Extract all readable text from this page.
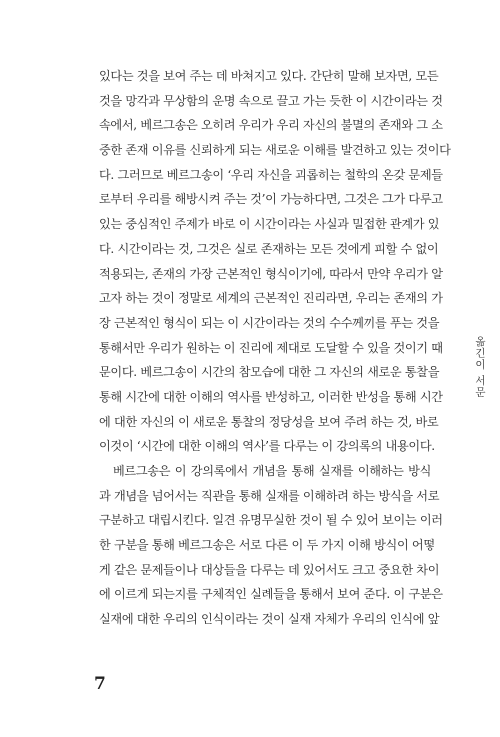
있다는 것을 보여 주는 데 바쳐지고 있다. 간단히 말해 보자면, 모든
것을 망각과 무상함의 운명 속으로 끌고 가는 듯한 이 시간이라는 것
속에서, 베르그송은 오히려 우리가 우리 자신의 불멸의 존재와 그 소
중한 존재 이유를 신뢰하게 되는 새로운 이해를 발견하고 있는 것이다
다. 그러므로 베르그송이 ‘우리 자신을 괴롭히는 철학의 온갖 문제들
로부터 우리를 해방시켜 주는 것’이 가능하다면, 그것은 그가 다루고
있는 중심적인 주제가 바로 이 시간이라는 사실과 밀접한 관계가 있
다. 시간이라는 것, 그것은 실로 존재하는 모든 것에게 피할 수 없이
적용되는, 존재의 가장 근본적인 형식이기에, 따라서 만약 우리가 알
고자 하는 것이 정말로 세계의 근본적인 진리라면, 우리는 존재의 가
장 근본적인 형식이 되는 이 시간이라는 것의 수수께끼를 푸는 것을
통해서만 우리가 원하는 이 진리에 제대로 도달할 수 있을 것이기 때
문이다. 베르그송이 시간의 참모습에 대한 그 자신의 새로운 통찰을
통해 시간에 대한 이해의 역사를 반성하고, 이러한 반성을 통해 시간
에 대한 자신의 이 새로운 통찰의 정당성을 보여 주려 하는 것, 바로
이것이 ‘시간에 대한 이해의 역사’를 다루는 이 강의록의 내용이다.
베르그송은 이 강의록에서 개념을 통해 실재를 이해하는 방식
과 개념을 넘어서는 직관을 통해 실재를 이해하려 하는 방식을 서로
구분하고 대립시킨다. 일견 유명무실한 것이 될 수 있어 보이는 이러
한 구분을 통해 베르그송은 서로 다른 이 두 가지 이해 방식이 어떻
게 같은 문제들이나 대상들을 다루는 데 있어서도 크고 중요한 차이
에 이르게 되는지를 구체적인 실례들을 통해서 보여 준다. 이 구분은
실재에 대한 우리의 인식이라는 것이 실재 자체가 우리의 인식에 앞
옮긴이 서문
7
